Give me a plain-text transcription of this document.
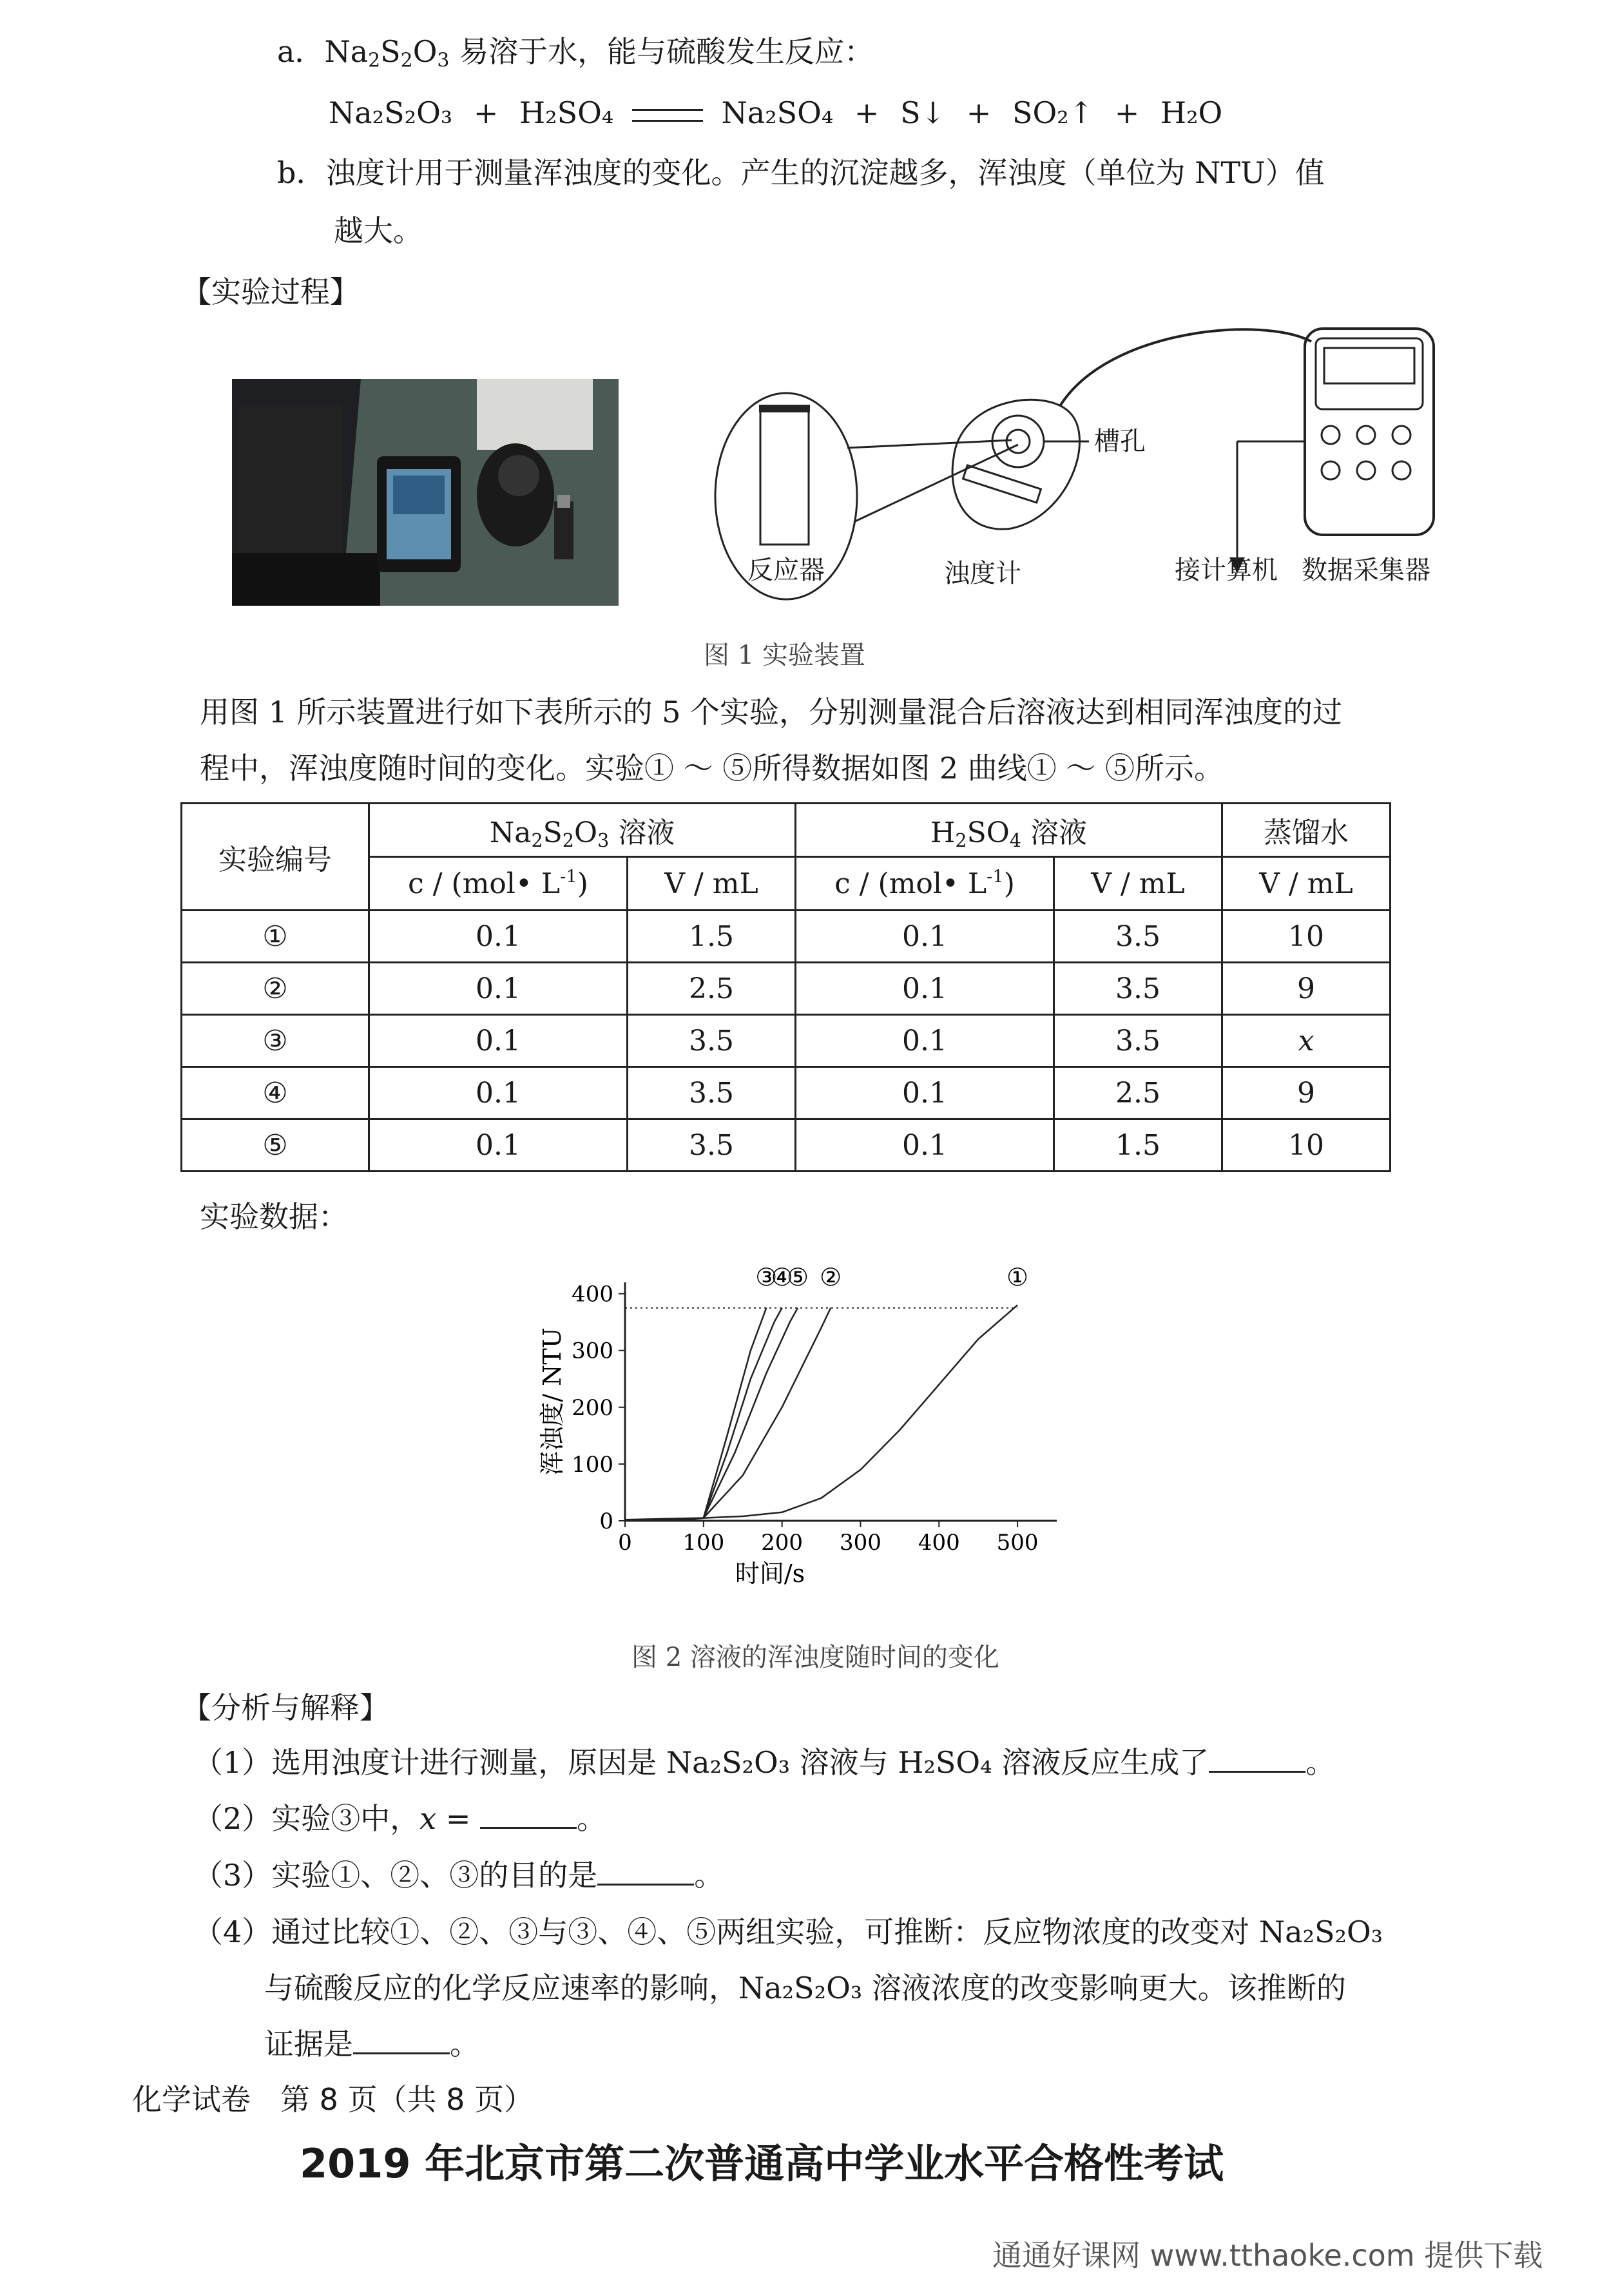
a．$Na_2S_2O_3$ 易溶于水，能与硫酸发生反应：
Na₂S₂O₃ + H₂SO₄	Na₂SO₄ + S↓ + SO₂↑ + H₂O
b．浊度计用于测量浑浊度的变化。产生的沉淀越多，浑浊度（单位为 NTU）值
越大。
【实验过程】
反应器	浊度计
槽孔
接计算机 数据采集器
图 1 实验装置
用图 1 所示装置进行如下表所示的 5 个实验，分别测量混合后溶液达到相同浑浊度的过
程中，浑浊度随时间的变化。实验① ～ ⑤所得数据如图 2 曲线① ～ ⑤所示。
实验编号	$Na_2S_2O_3$ 溶液		$H_2SO_4$ 溶液		蒸馏水
	c / (mol• $L^{-1}$)	V / mL	c / (mol• $L^{-1}$)	V / mL	V / mL
①	0.1	1.5	0.1	3.5	10
②	0.1	2.5	0.1	3.5	9
③	0.1	3.5	0.1	3.5	x
④	0.1	3.5	0.1	2.5	9
⑤	0.1	3.5	0.1	1.5	10
实验数据：
0 100 200 300 400 500
0
100
200
300
400
时间/s
浑浊度/ NTU
①
②
③
④
⑤
图 2 溶液的浑浊度随时间的变化
【分析与解释】
（1）选用浊度计进行测量，原因是 Na₂S₂O₃ 溶液与 H₂SO₄ 溶液反应生成了	。
（2）实验③中，x =	。
（3）实验①、②、③的目的是	。
（4）通过比较①、②、③与③、④、⑤两组实验，可推断：反应物浓度的改变对 Na₂S₂O₃
与硫酸反应的化学反应速率的影响，Na₂S₂O₃ 溶液浓度的改变影响更大。该推断的
证据是	。
化学试卷　第 8 页（共 8 页）
2019 年北京市第二次普通高中学业水平合格性考试
通通好课网 www.tthaoke.com 提供下载
